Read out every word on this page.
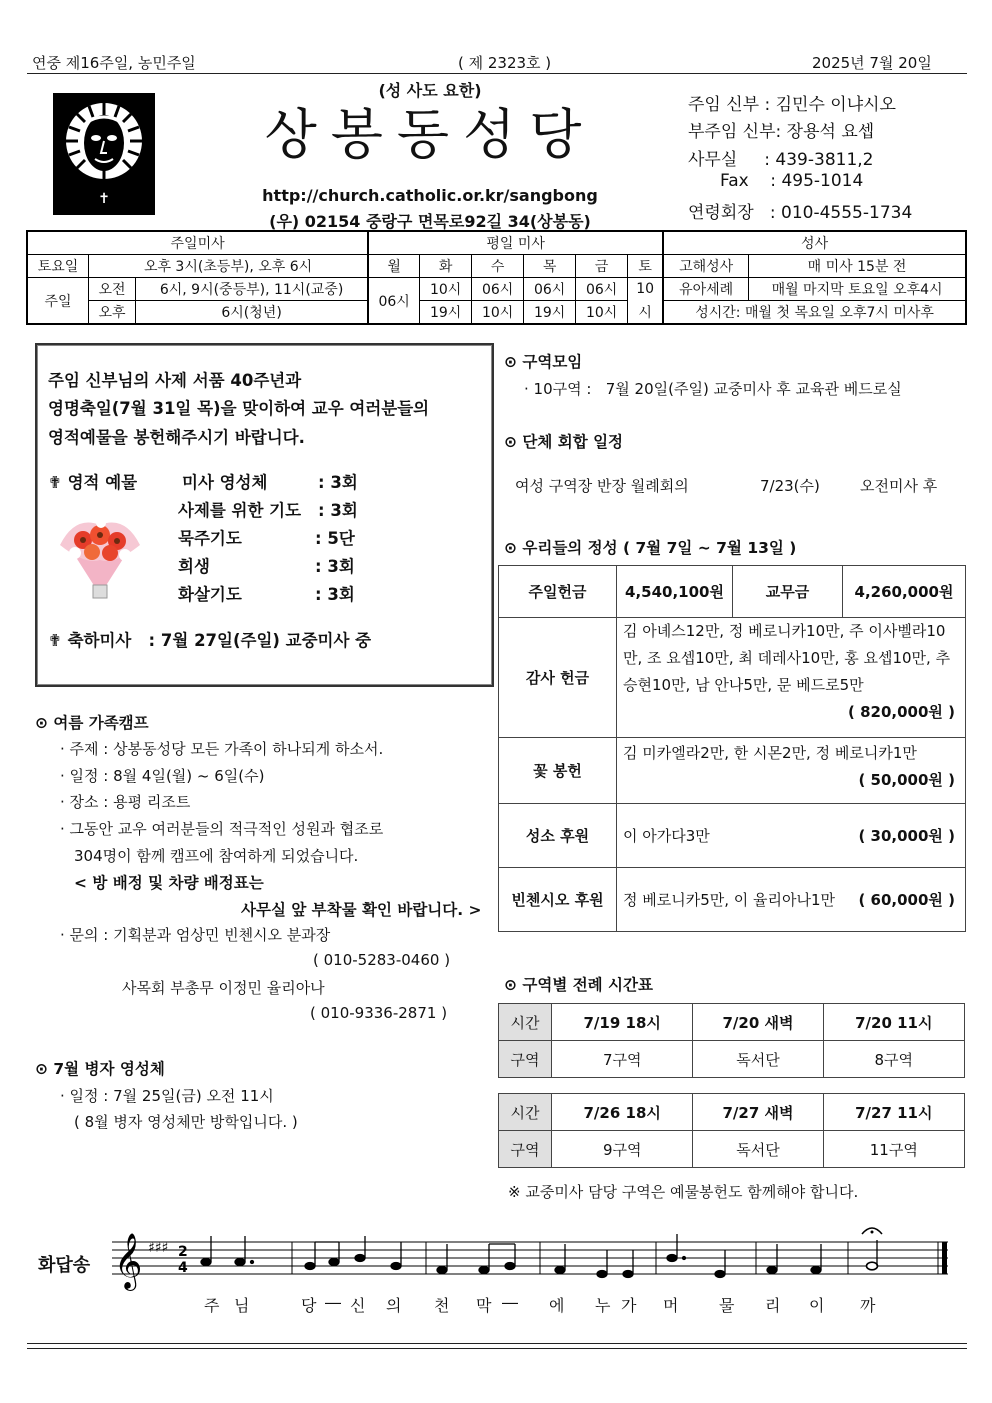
연중 제16주일, 농민주일	( 제 2323호 )	2025년 7월 20일
✝
(성 사도 요한)
상봉동성당
http://church.catholic.or.kr/sangbong
(우) 02154 중랑구 면목로92길 34(상봉동)
주임 신부 : 김민수 이냐시오
부주임 신부: 장용석 요셉
사무실     : 439-3811,2
Fax    : 495-1014
연령회장   : 010-4555-1734
주일미사			평일 미사						성사	
토요일	오후 3시(초등부), 오후 6시		월	화	수	목	금	토	고해성사	매 미사 15분 전
주일	오전	6시, 9시(중등부), 11시(교중)	06시	10시	06시	06시	06시	10	유아세례	매월 마지막 토요일 오후4시
	오후	6시(청년)		19시	10시	19시	10시	시	성시간: 매월 첫 목요일 오후7시 미사후	
주임 신부님의 사제 서품 40주년과
영명축일(7월 31일 목)을 맞이하여 교우 여러분들의
영적예물을 봉헌해주시기 바랍니다.
✟ 영적 예물	미사 영성체	: 3회
사제를 위한 기도 : 3회
묵주기도	: 5단
희생	: 3회
화살기도	: 3회
✟ 축하미사   : 7월 27일(주일) 교중미사 중
⊙ 여름 가족캠프
· 주제 : 상봉동성당 모든 가족이 하나되게 하소서.
· 일정 : 8월 4일(월) ~ 6일(수)
· 장소 : 용평 리조트
· 그동안 교우 여러분들의 적극적인 성원과 협조로
304명이 함께 캠프에 참여하게 되었습니다.
< 방 배정 및 차량 배정표는
사무실 앞 부착물 확인 바랍니다. >
· 문의 : 기획분과 엄상민 빈첸시오 분과장
( 010-5283-0460 )
사목회 부총무 이정민 율리아나
( 010-9336-2871 )
⊙ 7월 병자 영성체
· 일정 : 7월 25일(금) 오전 11시
( 8월 병자 영성체만 방학입니다. )
⊙ 구역모임
· 10구역 :   7월 20일(주일) 교중미사 후 교육관 베드로실
⊙ 단체 회합 일정
여성 구역장 반장 월례회의	7/23(수)	오전미사 후
⊙ 우리들의 정성 ( 7월 7일 ~ 7월 13일 )
주일헌금	4,540,100원	교무금	4,260,000원
감사 헌금	김 아녜스12만, 정 베로니카10만, 주 이사벨라10만, 조 요셉10만, 최 데레사10만, 홍 요셉10만, 추승현10만, 남 안나5만, 문 베드로5만
( 820,000원 )		

꽃 봉헌	김 미카엘라2만, 한 시몬2만, 정 베로니카1만
( 50,000원 )		

성소 후원	이 아가다3만 ( 30,000원 )		

빈첸시오 후원	정 베로니카5만, 이 율리아나1만 ( 60,000원 )		
⊙ 구역별 전례 시간표
시간	7/19 18시	7/20 새벽	7/20 11시
구역	7구역	독서단	8구역
시간	7/26 18시	7/27 새벽	7/27 11시
구역	9구역	독서단	11구역
※ 교중미사 담당 구역은 예물봉헌도 함께해야 합니다.
화답송 𝄞 ♯♯♯ 2
4
주 님	당 ― 신 의 천 막 ― 에 누 가 머	물 리 이 까
